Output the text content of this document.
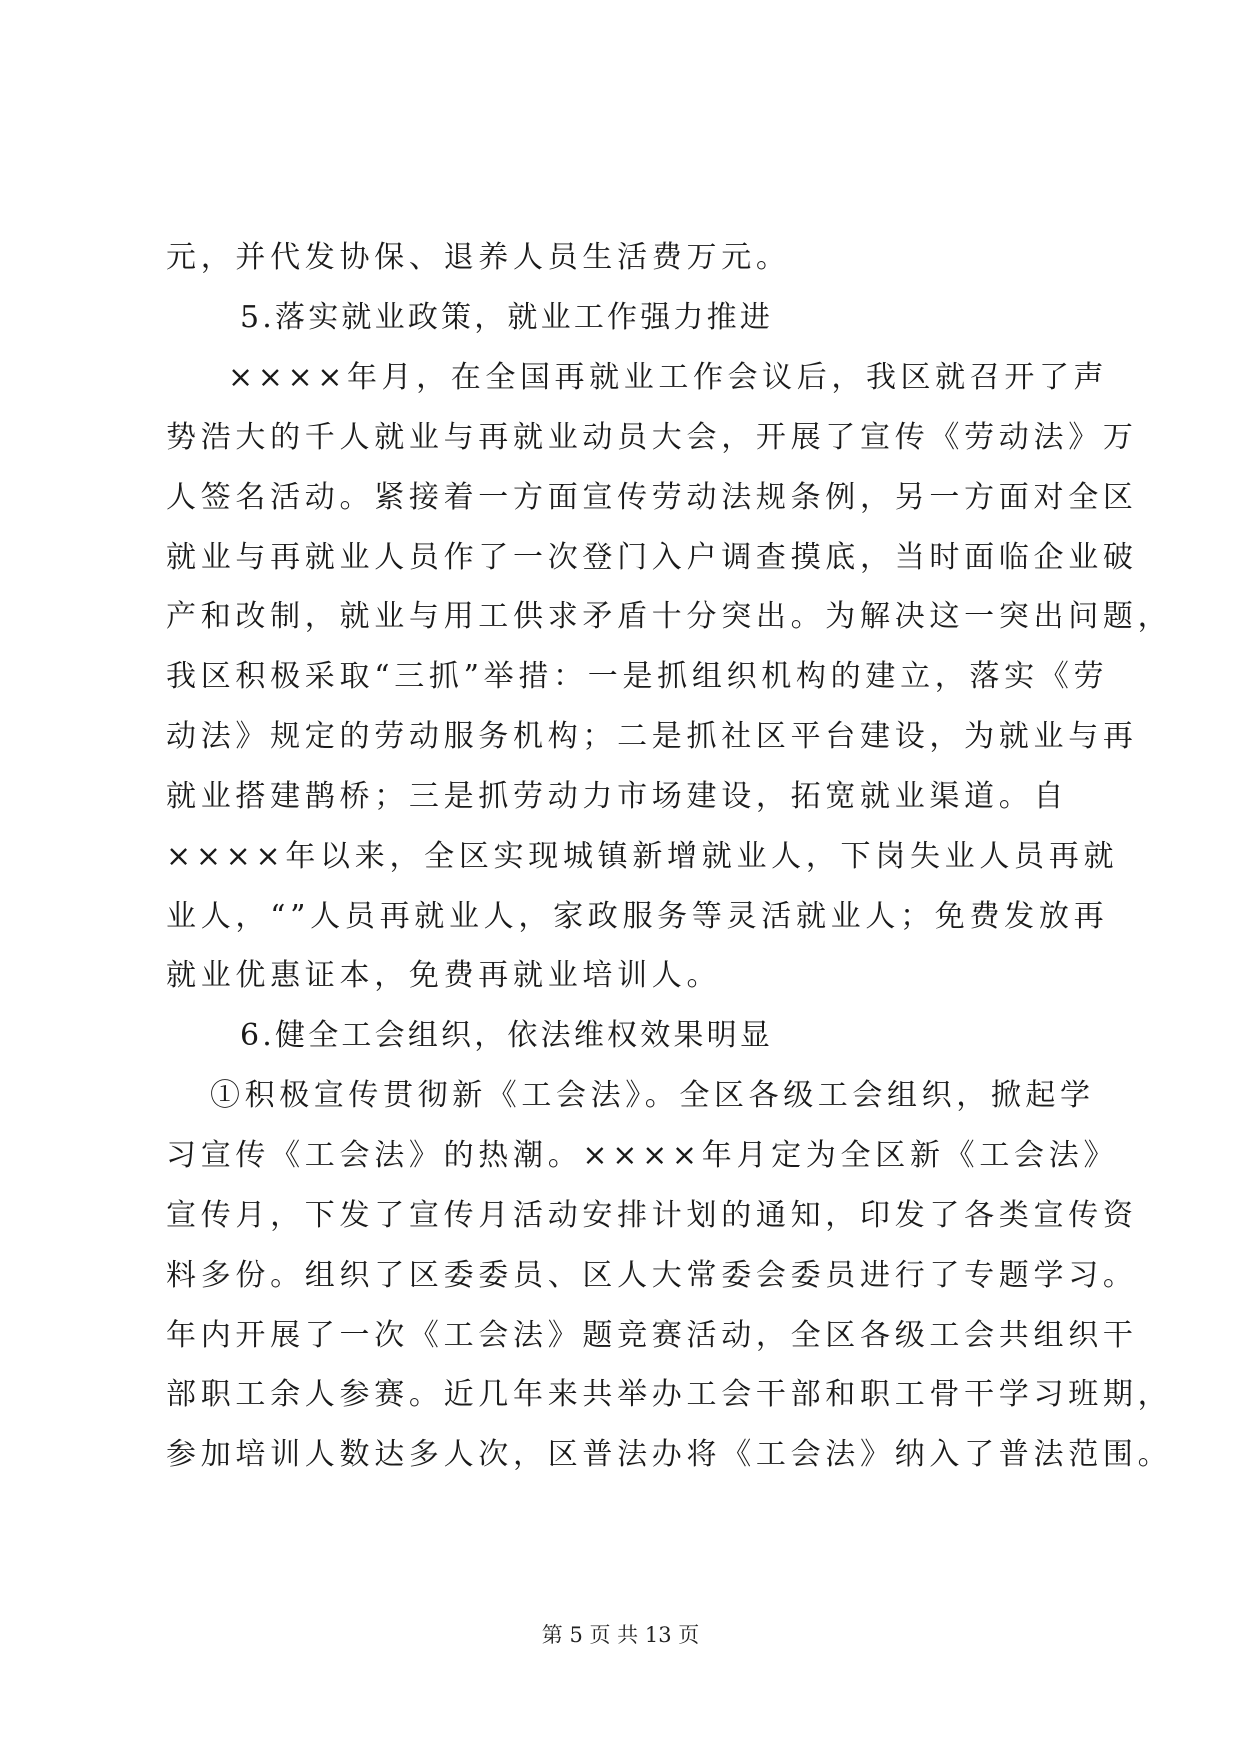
元，并代发协保、退养人员生活费万元。
5.落实就业政策，就业工作强力推进
××××年月，在全国再就业工作会议后，我区就召开了声
势浩大的千人就业与再就业动员大会，开展了宣传《劳动法》万
人签名活动。紧接着一方面宣传劳动法规条例，另一方面对全区
就业与再就业人员作了一次登门入户调查摸底，当时面临企业破
产和改制，就业与用工供求矛盾十分突出。为解决这一突出问题，
我区积极采取“三抓”举措：一是抓组织机构的建立，落实《劳
动法》规定的劳动服务机构；二是抓社区平台建设，为就业与再
就业搭建鹊桥；三是抓劳动力市场建设，拓宽就业渠道。自
××××年以来，全区实现城镇新增就业人，下岗失业人员再就
业人，“”人员再就业人，家政服务等灵活就业人；免费发放再
就业优惠证本，免费再就业培训人。
6.健全工会组织，依法维权效果明显
①积极宣传贯彻新《工会法》。全区各级工会组织，掀起学
习宣传《工会法》的热潮。××××年月定为全区新《工会法》
宣传月，下发了宣传月活动安排计划的通知，印发了各类宣传资
料多份。组织了区委委员、区人大常委会委员进行了专题学习。
年内开展了一次《工会法》题竞赛活动，全区各级工会共组织干
部职工余人参赛。近几年来共举办工会干部和职工骨干学习班期，
参加培训人数达多人次，区普法办将《工会法》纳入了普法范围。
第 5 页 共 13 页
